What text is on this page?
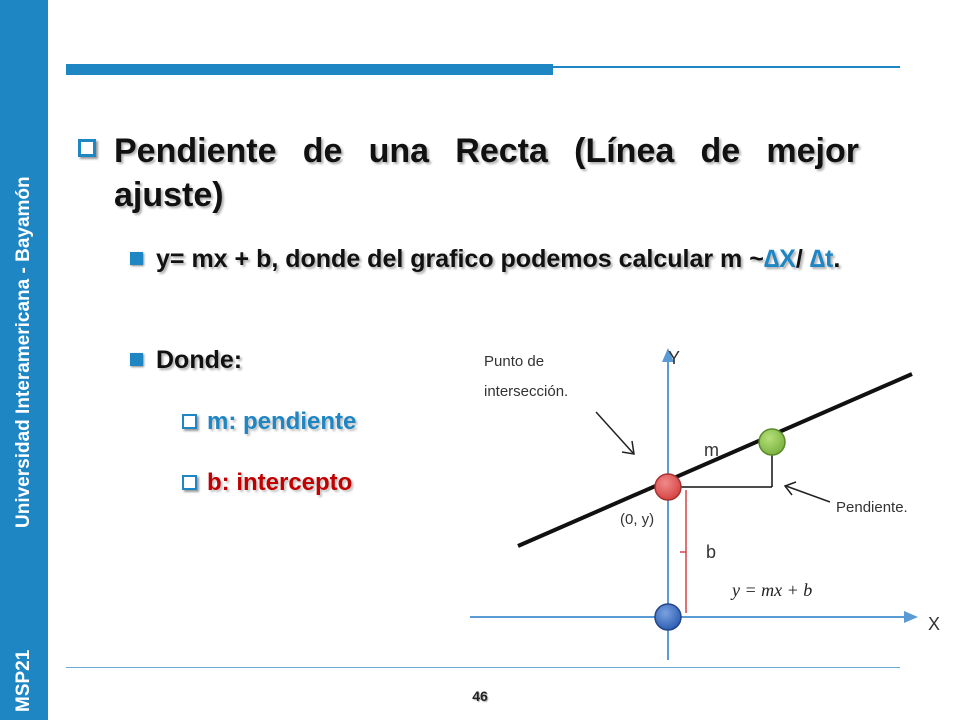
MSP21
Universidad Interamericana - Bayamón
Pendiente de una Recta (Línea de mejor ajuste)
y= mx + b, donde del grafico podemos calcular m ~∆X/ ∆t.
Donde:
m: pendiente
b: intercepto
Y
X
Punto de
intersección.
(0, y)
Pendiente.
m
b
y = mx + b
46
